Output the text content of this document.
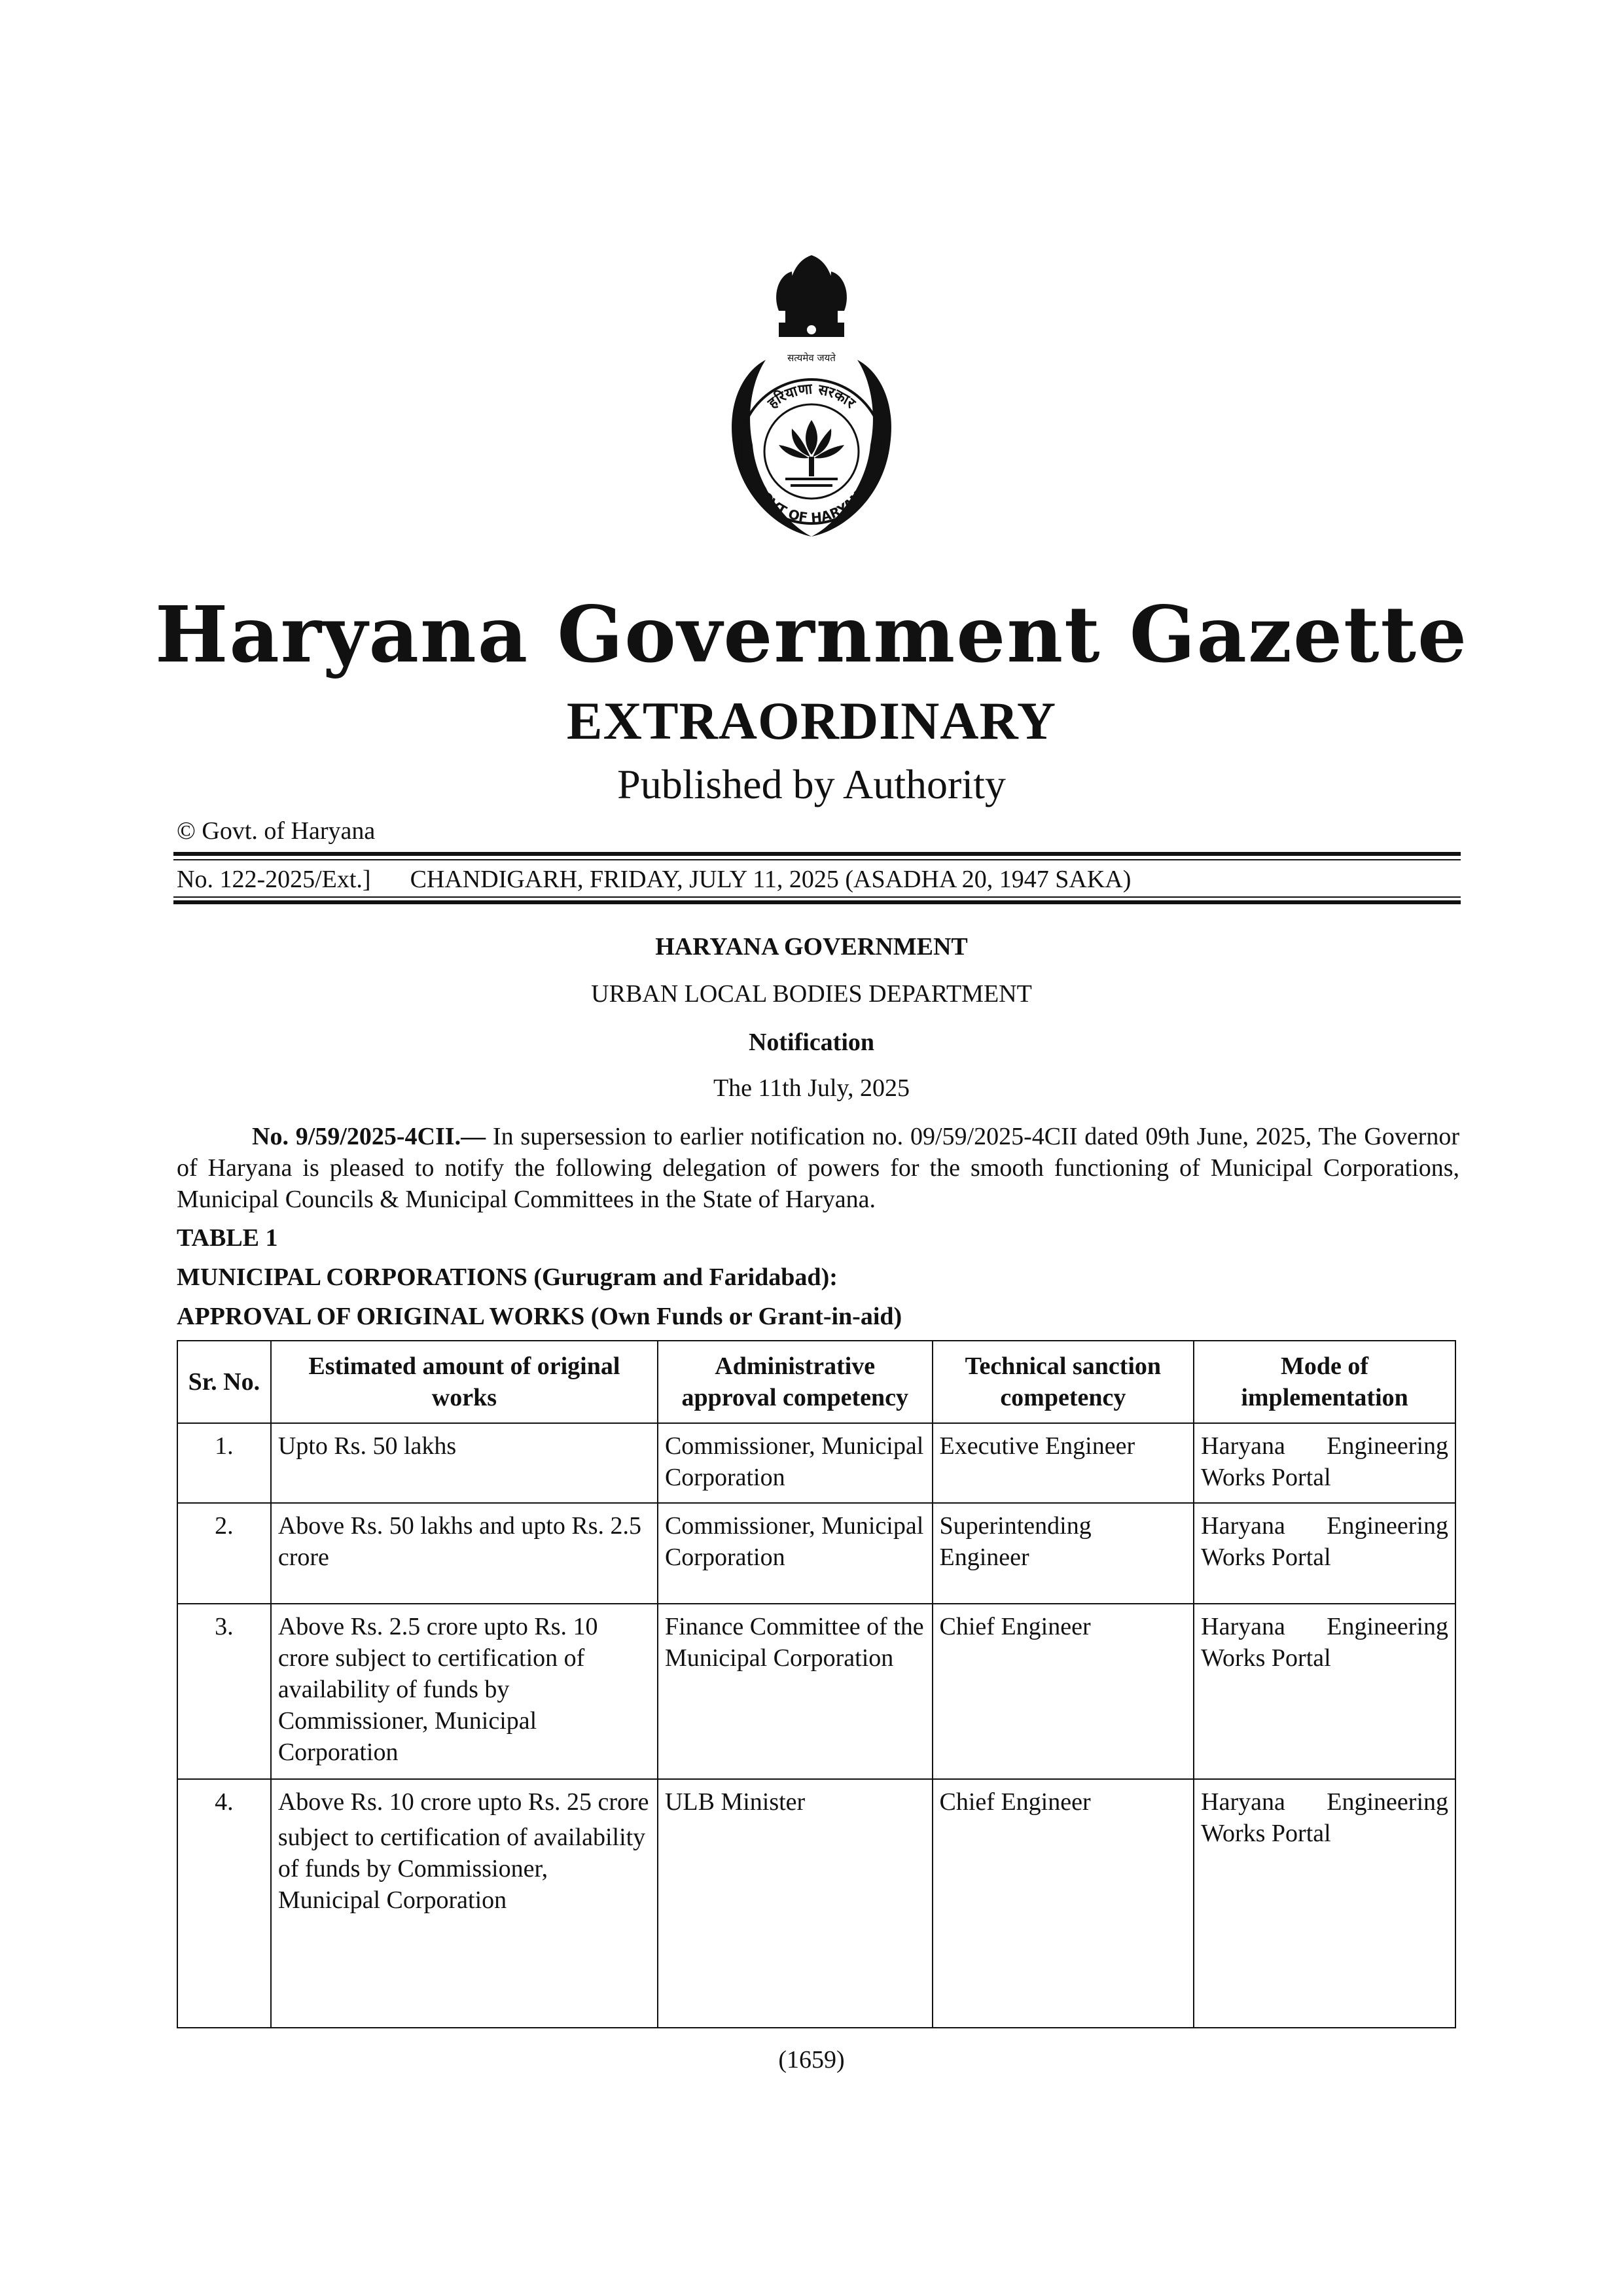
सत्यमेव जयते
हरियाणा सरकार
GOVT OF HARYANA
Haryana Government Gazette
EXTRAORDINARY
Published by Authority
© Govt. of Haryana
No. 122-2025/Ext.] CHANDIGARH, FRIDAY, JULY 11, 2025 (ASADHA 20, 1947 SAKA)
HARYANA GOVERNMENT
URBAN LOCAL BODIES DEPARTMENT
Notification
The 11th July, 2025
No. 9/59/2025-4CII.— In supersession to earlier notification no. 09/59/2025-4CII dated 09th June, 2025, The Governor of Haryana is pleased to notify the following delegation of powers for the smooth functioning of Municipal Corporations, Municipal Councils & Municipal Committees in the State of Haryana.
TABLE 1
MUNICIPAL CORPORATIONS (Gurugram and Faridabad):
APPROVAL OF ORIGINAL WORKS (Own Funds or Grant-in-aid)
Sr. No.	Estimated amount of original works	Administrative approval competency	Technical sanction competency	Mode of implementation
1.	Upto Rs. 50 lakhs	Commissioner, Municipal Corporation	Executive Engineer	Haryana Engineering
Works Portal
2.	Above Rs. 50 lakhs and upto Rs. 2.5 crore	Commissioner, Municipal Corporation	Superintending Engineer	Haryana Engineering
Works Portal
3.	Above Rs. 2.5 crore upto Rs. 10 crore subject to certification of availability of funds by Commissioner, Municipal Corporation	Finance Committee of the Municipal Corporation	Chief Engineer	Haryana Engineering
Works Portal
4.	Above Rs. 10 crore upto Rs. 25 crore
subject to certification of availability of funds by Commissioner, Municipal Corporation	ULB Minister	Chief Engineer	Haryana Engineering
Works Portal
(1659)
